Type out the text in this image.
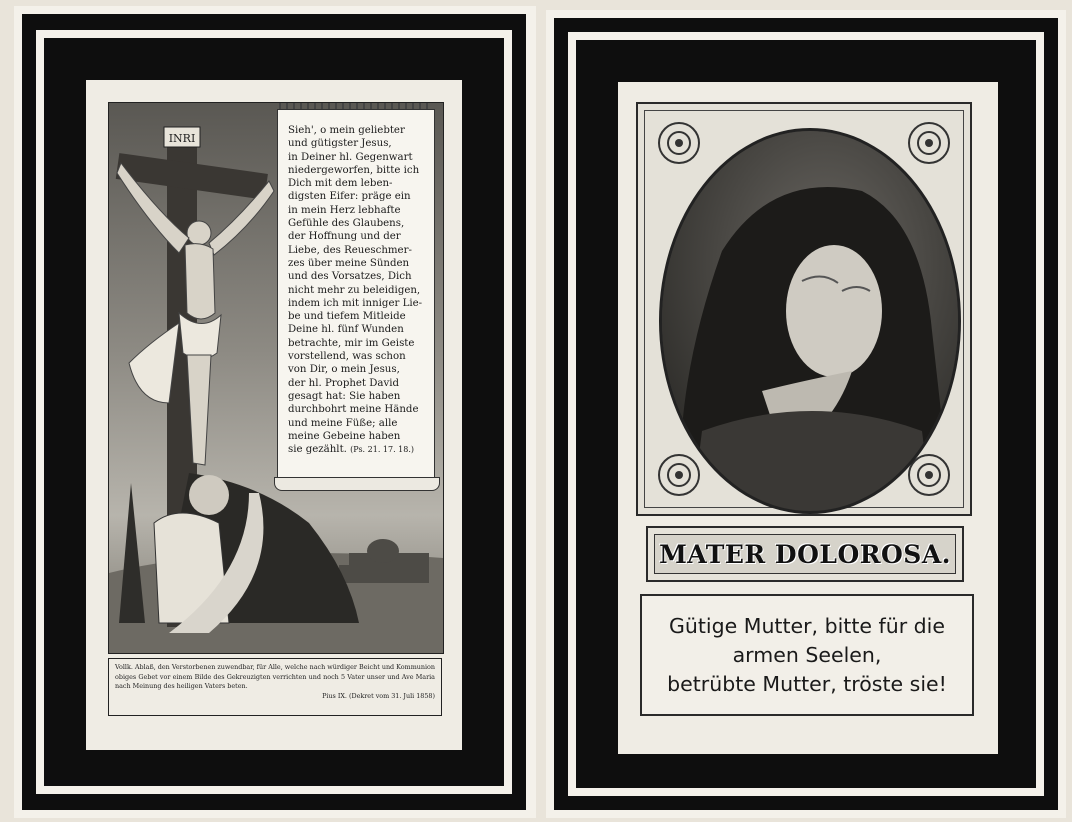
INRI

Sieh', o mein geliebter
und gütigster Jesus,
in Deiner hl. Gegenwart
niedergeworfen, bitte ich
Dich mit dem leben-
digsten Eifer: präge ein
in mein Herz lebhafte
Gefühle des Glaubens,
der Hoffnung und der
Liebe, des Reueschmer-
zes über meine Sünden
und des Vorsatzes, Dich
nicht mehr zu beleidigen,
indem ich mit inniger Lie-
be und tiefem Mitleide
Deine hl. fünf Wunden
betrachte, mir im Geiste
vorstellend, was schon
von Dir, o mein Jesus,
der hl. Prophet David
gesagt hat: Sie haben
durchbohrt meine Hände
und meine Füße; alle
meine Gebeine haben
sie gezählt. (Ps. 21. 17. 18.)

Vollk. Ablaß, den Verstorbenen zuwendbar, für Alle, welche nach würdiger Beicht und Kommunion obiges Gebet vor einem Bilde des Gekreuzigten verrichten und noch 5 Vater unser und Ave Maria nach Meinung des heiligen Vaters beten.
Pius IX. (Dekret vom 31. Juli 1858)
MATER DOLOROSA.
Gütige Mutter, bitte für die
armen Seelen,
betrübte Mutter, tröste sie!
